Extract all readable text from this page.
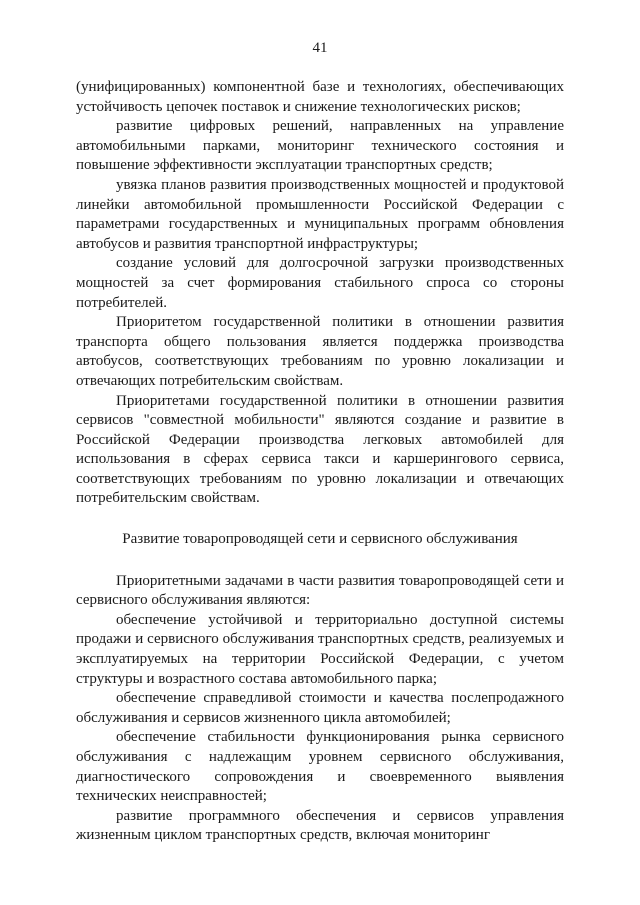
41

(унифицированных) компонентной базе и технологиях, обеспечивающих устойчивость цепочек поставок и снижение технологических рисков;

развитие цифровых решений, направленных на управление автомобильными парками, мониторинг технического состояния и повышение эффективности эксплуатации транспортных средств;

увязка планов развития производственных мощностей и продуктовой линейки автомобильной промышленности Российской Федерации с параметрами государственных и муниципальных программ обновления автобусов и развития транспортной инфраструктуры;

создание условий для долгосрочной загрузки производственных мощностей за счет формирования стабильного спроса со стороны потребителей.

Приоритетом государственной политики в отношении развития транспорта общего пользования является поддержка производства автобусов, соответствующих требованиям по уровню локализации и отвечающих потребительским свойствам.

Приоритетами государственной политики в отношении развития сервисов "совместной мобильности" являются создание и развитие в Российской Федерации производства легковых автомобилей для использования в сферах сервиса такси и каршерингового сервиса, соответствующих требованиям по уровню локализации и отвечающих потребительским свойствам.

Развитие товаропроводящей сети и сервисного обслуживания

Приоритетными задачами в части развития товаропроводящей сети и сервисного обслуживания являются:

обеспечение устойчивой и территориально доступной системы продажи и сервисного обслуживания транспортных средств, реализуемых и эксплуатируемых на территории Российской Федерации, с учетом структуры и возрастного состава автомобильного парка;

обеспечение справедливой стоимости и качества послепродажного обслуживания и сервисов жизненного цикла автомобилей;

обеспечение стабильности функционирования рынка сервисного обслуживания с надлежащим уровнем сервисного обслуживания, диагностического сопровождения и своевременного выявления технических неисправностей;

развитие программного обеспечения и сервисов управления жизненным циклом транспортных средств, включая мониторинг
